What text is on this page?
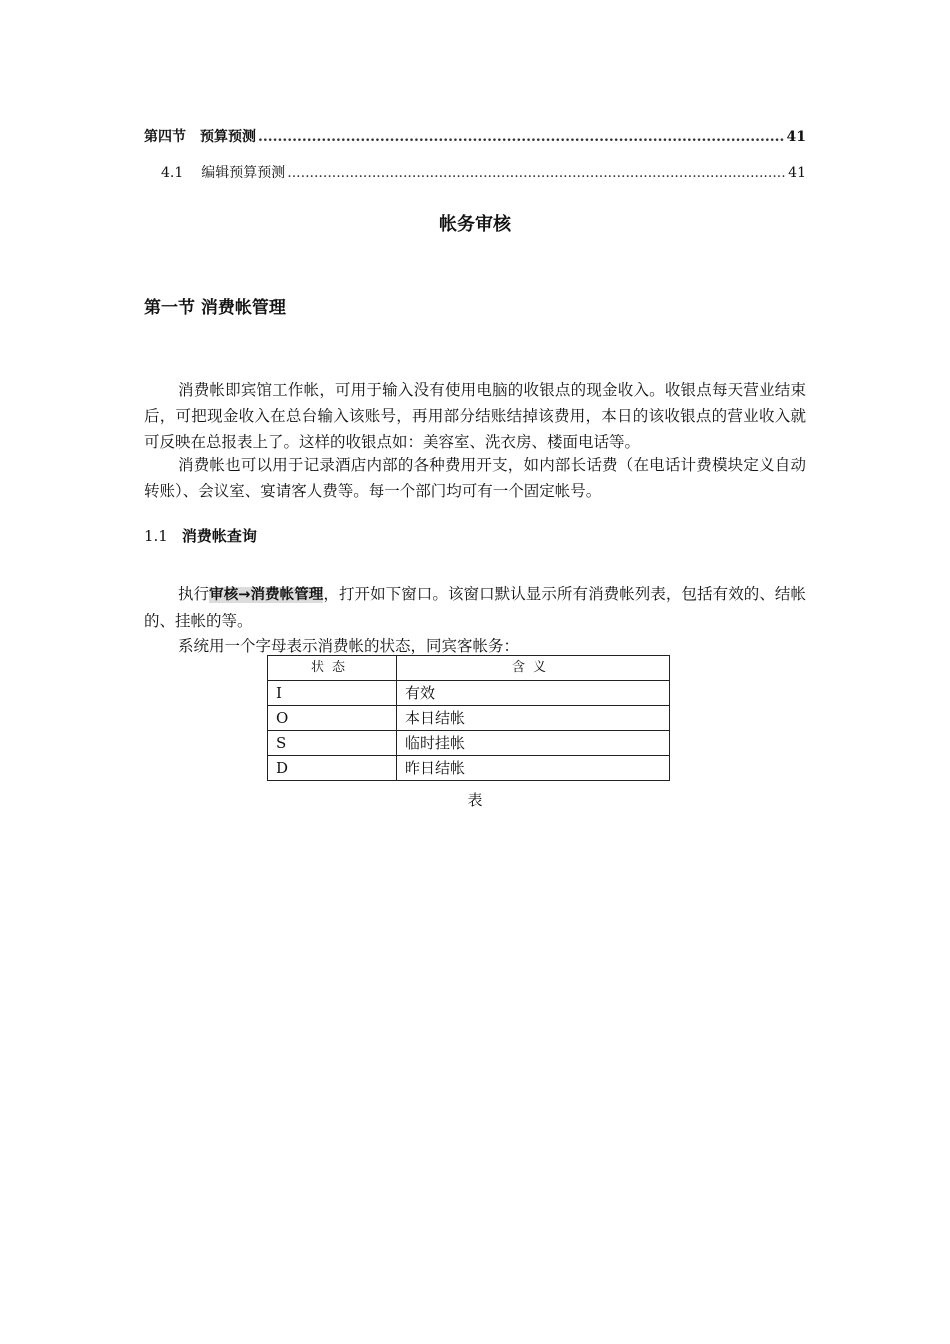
第四节 预算预测 .....	41
4.1 编辑预算预测 .....	41
帐务审核
第一节 消费帐管理

消费帐即宾馆工作帐，可用于输入没有使用电脑的收银点的现金收入。收银点每天营业结束后，可把现金收入在总台输入该账号，再用部分结账结掉该费用，本日的该收银点的营业收入就可反映在总报表上了。这样的收银点如：美容室、洗衣房、楼面电话等。

消费帐也可以用于记录酒店内部的各种费用开支，如内部长话费（在电话计费模块定义自动转账）、会议室、宴请客人费等。每一个部门均可有一个固定帐号。

1.1 消费帐查询

执行审核→消费帐管理，打开如下窗口。该窗口默认显示所有消费帐列表，包括有效的、结帐的、挂帐的等。

系统用一个字母表示消费帐的状态，同宾客帐务：

状态	含义
I	有效
O	本日结帐
S	临时挂帐
D	昨日结帐
表
